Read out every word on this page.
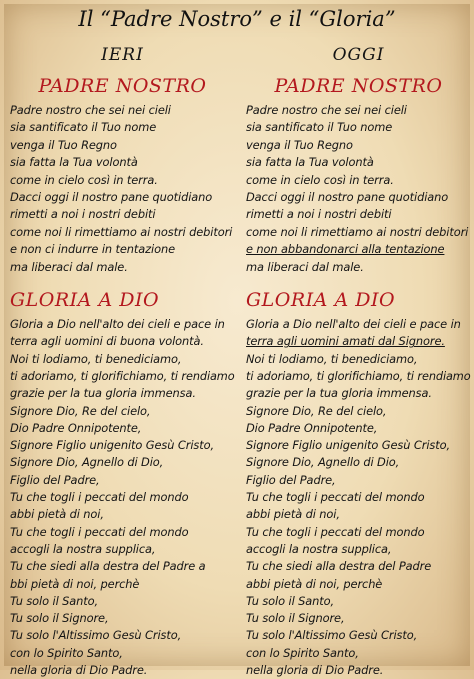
Il “Padre Nostro” e il “Gloria”
IERI
PADRE NOSTRO
Padre nostro che sei nei cieli
sia santificato il Tuo nome
venga il Tuo Regno
sia fatta la Tua volontà
come in cielo così in terra.
Dacci oggi il nostro pane quotidiano
rimetti a noi i nostri debiti
come noi li rimettiamo ai nostri debitori
e non ci indurre in tentazione
ma liberaci dal male.
GLORIA A DIO
Gloria a Dio nell'alto dei cieli e pace in
terra agli uomini di buona volontà.
Noi ti lodiamo, ti benediciamo,
ti adoriamo, ti glorifichiamo, ti rendiamo
grazie per la tua gloria immensa.
Signore Dio, Re del cielo,
Dio Padre Onnipotente,
Signore Figlio unigenito Gesù Cristo,
Signore Dio, Agnello di Dio,
Figlio del Padre,
Tu che togli i peccati del mondo
abbi pietà di noi,
Tu che togli i peccati del mondo
accogli la nostra supplica,
Tu che siedi alla destra del Padre a
bbi pietà di noi, perchè
Tu solo il Santo,
Tu solo il Signore,
Tu solo l'Altissimo Gesù Cristo,
con lo Spirito Santo,
nella gloria di Dio Padre.
OGGI
PADRE NOSTRO
Padre nostro che sei nei cieli
sia santificato il Tuo nome
venga il Tuo Regno
sia fatta la Tua volontà
come in cielo così in terra.
Dacci oggi il nostro pane quotidiano
rimetti a noi i nostri debiti
come noi li rimettiamo ai nostri debitori
e non abbandonarci alla tentazione
ma liberaci dal male.
GLORIA A DIO
Gloria a Dio nell'alto dei cieli e pace in
terra agli uomini amati dal Signore.
Noi ti lodiamo, ti benediciamo,
ti adoriamo, ti glorifichiamo, ti rendiamo
grazie per la tua gloria immensa.
Signore Dio, Re del cielo,
Dio Padre Onnipotente,
Signore Figlio unigenito Gesù Cristo,
Signore Dio, Agnello di Dio,
Figlio del Padre,
Tu che togli i peccati del mondo
abbi pietà di noi,
Tu che togli i peccati del mondo
accogli la nostra supplica,
Tu che siedi alla destra del Padre
abbi pietà di noi, perchè
Tu solo il Santo,
Tu solo il Signore,
Tu solo l'Altissimo Gesù Cristo,
con lo Spirito Santo,
nella gloria di Dio Padre.
